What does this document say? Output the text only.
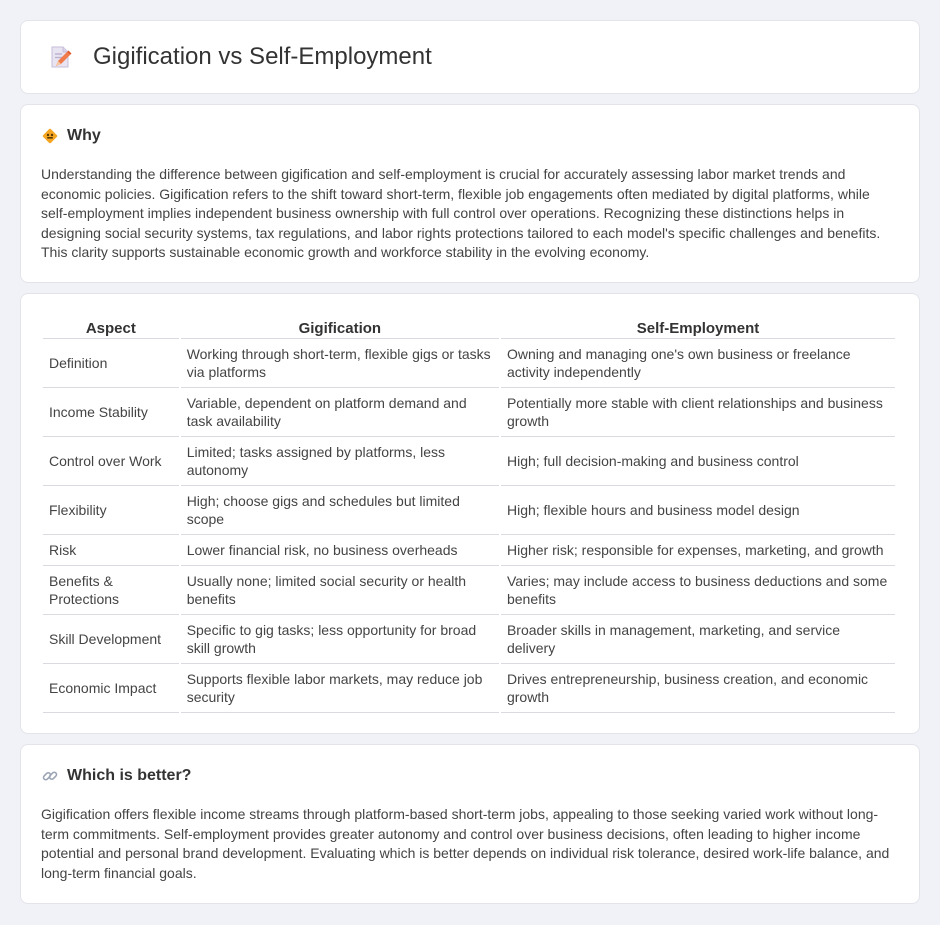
Gigification vs Self-Employment
Why

Understanding the difference between gigification and self-employment is crucial for accurately assessing labor market trends and economic policies. Gigification refers to the shift toward short-term, flexible job engagements often mediated by digital platforms, while self-employment implies independent business ownership with full control over operations. Recognizing these distinctions helps in designing social security systems, tax regulations, and labor rights protections tailored to each model's specific challenges and benefits. This clarity supports sustainable economic growth and workforce stability in the evolving economy.

Aspect	Gigification	Self-Employment
Definition	Working through short-term, flexible gigs or tasks via platforms	Owning and managing one's own business or freelance activity independently
Income Stability	Variable, dependent on platform demand and task availability	Potentially more stable with client relationships and business growth
Control over Work	Limited; tasks assigned by platforms, less autonomy	High; full decision-making and business control
Flexibility	High; choose gigs and schedules but limited scope	High; flexible hours and business model design
Risk	Lower financial risk, no business overheads	Higher risk; responsible for expenses, marketing, and growth
Benefits & Protections	Usually none; limited social security or health benefits	Varies; may include access to business deductions and some benefits
Skill Development	Specific to gig tasks; less opportunity for broad skill growth	Broader skills in management, marketing, and service delivery
Economic Impact	Supports flexible labor markets, may reduce job security	Drives entrepreneurship, business creation, and economic growth
Which is better?

Gigification offers flexible income streams through platform-based short-term jobs, appealing to those seeking varied work without long-term commitments. Self-employment provides greater autonomy and control over business decisions, often leading to higher income potential and personal brand development. Evaluating which is better depends on individual risk tolerance, desired work-life balance, and long-term financial goals.
